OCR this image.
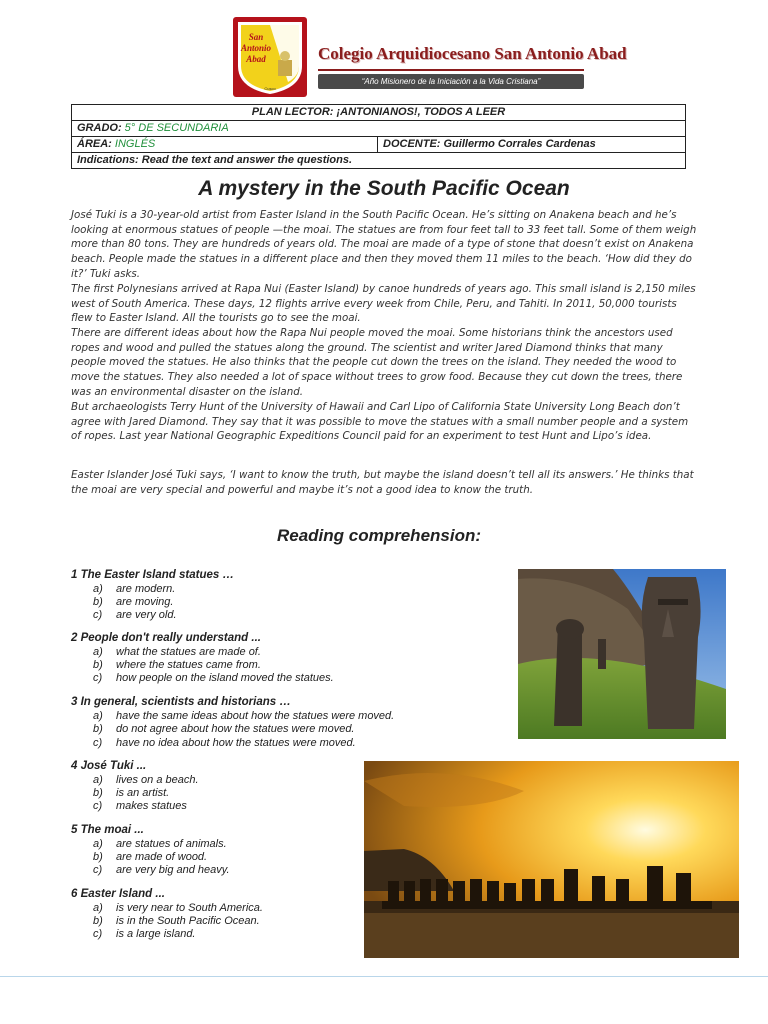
San
Antonio
Abad
Cusco
Colegio Arquidiocesano San Antonio Abad
“Año Misionero de la Iniciación a la Vida Cristiana”
PLAN LECTOR: ¡ANTONIANOS!, TODOS A LEER
GRADO: 5° DE SECUNDARIA
ÁREA: INGLÉS	DOCENTE: Guillermo Corrales Cardenas
Indications: Read the text and answer the questions.
A mystery in the South Pacific Ocean

José Tuki is a 30-year-old artist from Easter Island in the South Pacific Ocean. He’s sitting on Anakena beach and he’s looking at enormous statues of people —the moai. The statues are from four feet tall to 33 feet tall. Some of them weigh more than 80 tons. They are hundreds of years old. The moai are made of a type of stone that doesn’t exist on Anakena beach. People made the statues in a different place and then they moved them 11 miles to the beach. ‘How did they do it?’ Tuki asks.

The first Polynesians arrived at Rapa Nui (Easter Island) by canoe hundreds of years ago. This small island is 2,150 miles west of South America. These days, 12 flights arrive every week from Chile, Peru, and Tahiti. In 2011, 50,000 tourists flew to Easter Island. All the tourists go to see the moai.

There are different ideas about how the Rapa Nui people moved the moai. Some historians think the ancestors used ropes and wood and pulled the statues along the ground. The scientist and writer Jared Diamond thinks that many people moved the statues. He also thinks that the people cut down the trees on the island. They needed the wood to move the statues. They also needed a lot of space without trees to grow food. Because they cut down the trees, there was an environmental disaster on the island.

But archaeologists Terry Hunt of the University of Hawaii and Carl Lipo of California State University Long Beach don’t agree with Jared Diamond. They say that it was possible to move the statues with a small number people and a system of ropes. Last year National Geographic Expeditions Council paid for an experiment to test Hunt and Lipo’s idea.

Easter Islander José Tuki says, ‘I want to know the truth, but maybe the island doesn’t tell all its answers.’ He thinks that the moai are very special and powerful and maybe it’s not a good idea to know the truth.

Reading comprehension:
1 The Easter Island statues …
a) are modern.
b) are moving.
c) are very old.
2 People don't really understand ...
a) what the statues are made of.
b) where the statues came from.
c) how people on the island moved the statues.
3 In general, scientists and historians …
a) have the same ideas about how the statues were moved.
b) do not agree about how the statues were moved.
c) have no idea about how the statues were moved.
4 José Tuki ...
a) lives on a beach.
b) is an artist.
c) makes statues
5 The moai ...
a) are statues of animals.
b) are made of wood.
c) are very big and heavy.
6 Easter Island ...
a) is very near to South America.
b) is in the South Pacific Ocean.
c) is a large island.
